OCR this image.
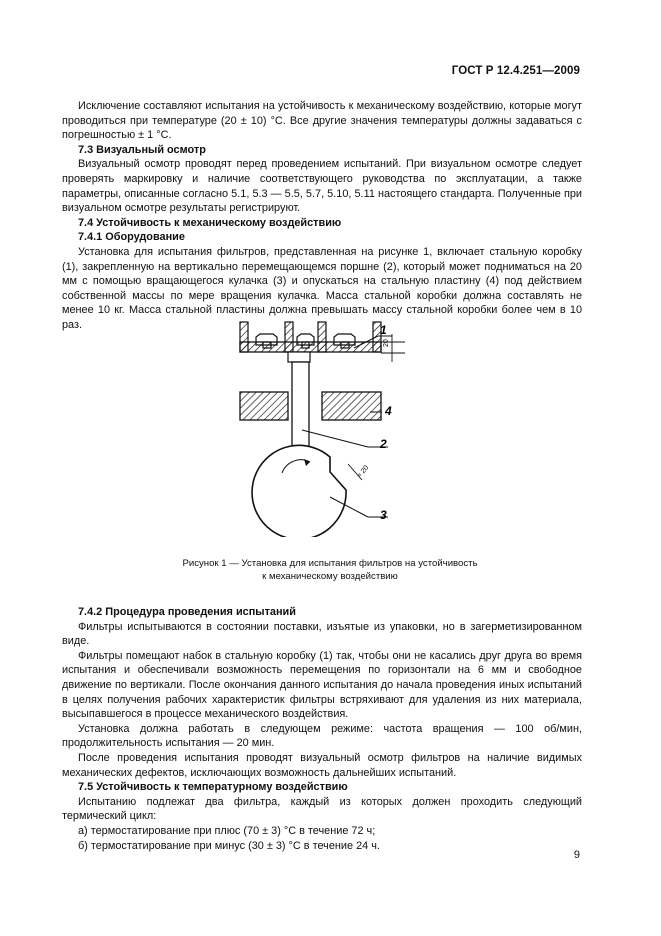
ГОСТ Р 12.4.251—2009

Исключение составляют испытания на устойчивость к механическому воздействию, которые могут проводиться при температуре (20 ± 10) °С. Все другие значения температуры должны задаваться с погрешностью ± 1 °С.

7.3 Визуальный осмотр

Визуальный осмотр проводят перед проведением испытаний. При визуальном осмотре следует проверять маркировку и наличие соответствующего руководства по эксплуатации, а также параметры, описанные согласно 5.1, 5.3 — 5.5, 5.7, 5.10, 5.11 настоящего стандарта. Полученные при визуальном осмотре результаты регистрируют.

7.4 Устойчивость к механическому воздействию
7.4.1 Оборудование

Установка для испытания фильтров, представленная на рисунке 1, включает стальную коробку (1), закрепленную на вертикально перемещающемся поршне (2), который может подниматься на 20 мм с помощью вращающегося кулачка (3) и опускаться на стальную пластину (4) под действием собственной массы по мере вращения кулачка. Масса стальной коробки должна составлять не менее 10 кг. Масса стальной пластины должна превышать массу стальной коробки более чем в 10 раз.

20
≈ 20
1
4
2
3
Рисунок 1 — Установка для испытания фильтров на устойчивость
к механическому воздействию
7.4.2 Процедура проведения испытаний

Фильтры испытываются в состоянии поставки, изъятые из упаковки, но в загерметизированном виде.

Фильтры помещают набок в стальную коробку (1) так, чтобы они не касались друг друга во время испытания и обеспечивали возможность перемещения по горизонтали на 6 мм и свободное движение по вертикали. После окончания данного испытания до начала проведения иных испытаний в целях получения рабочих характеристик фильтры встряхивают для удаления из них материала, высыпавшегося в процессе механического воздействия.

Установка должна работать в следующем режиме: частота вращения — 100 об/мин, продолжительность испытания — 20 мин.

После проведения испытания проводят визуальный осмотр фильтров на наличие видимых механических дефектов, исключающих возможность дальнейших испытаний.

7.5 Устойчивость к температурному воздействию

Испытанию подлежат два фильтра, каждый из которых должен проходить следующий термический цикл:

а) термостатирование при плюс (70 ± 3) °С в течение 72 ч;

б) термостатирование при минус (30 ± 3) °С в течение 24 ч.

9
